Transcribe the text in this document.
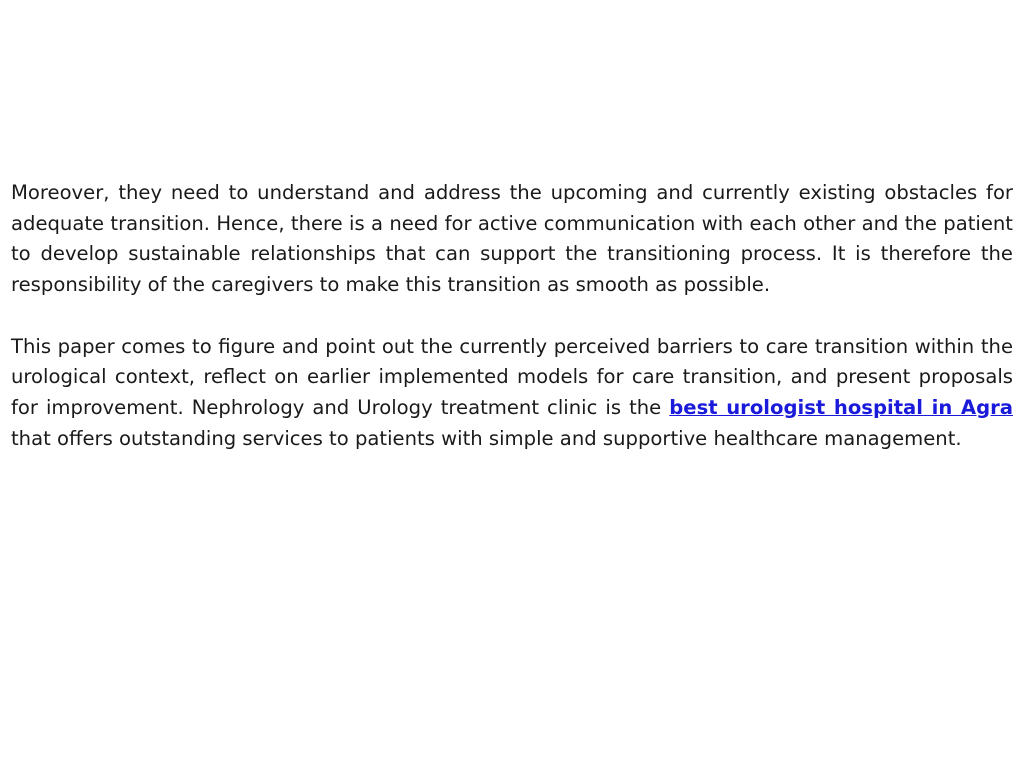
Moreover, they need to understand and address the upcoming and currently existing obstacles for adequate transition. Hence, there is a need for active communication with each other and the patient to develop sustainable relationships that can support the transitioning process. It is therefore the responsibility of the caregivers to make this transition as smooth as possible.

This paper comes to figure and point out the currently perceived barriers to care transition within the urological context, reflect on earlier implemented models for care transition, and present proposals for improvement. Nephrology and Urology treatment clinic is the best urologist hospital in Agra that offers outstanding services to patients with simple and supportive healthcare management.
